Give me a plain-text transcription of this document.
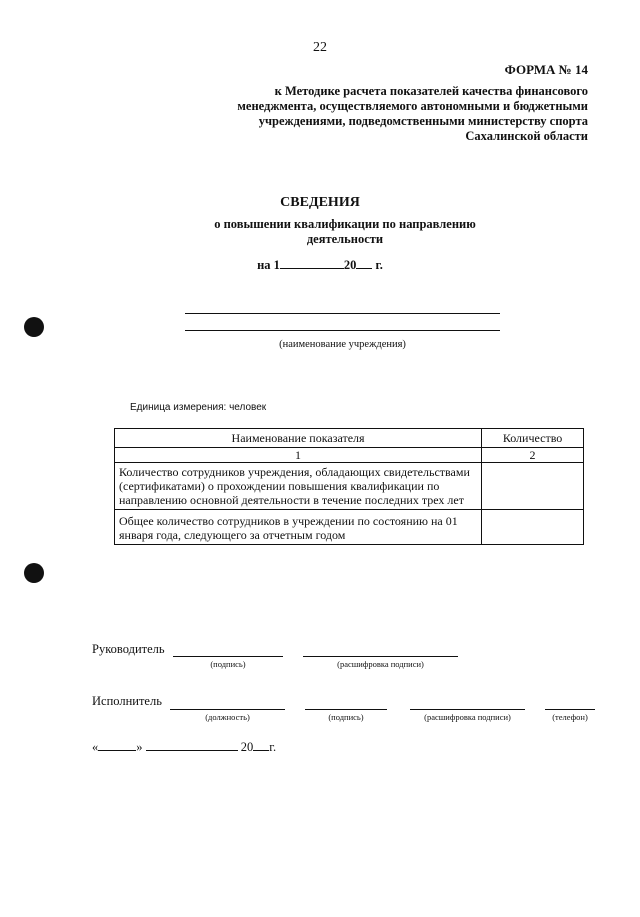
22
ФОРМА № 14
к Методике расчета показателей качества финансового
менеджмента, осуществляемого автономными и бюджетными
учреждениями, подведомственными министерству спорта
Сахалинской области
СВЕДЕНИЯ
о повышении квалификации по направлению
деятельности
на 1	20 г.
(наименование учреждения)
Единица измерения: человек
Наименование показателя	Количество
1	2
Количество сотрудников учреждения, обладающих свидетельствами (сертификатами) о прохождении повышения квалификации по направлению основной деятельности в течение последних трех лет	
Общее количество сотрудников в учреждении по состоянию на 01 января года, следующего за отчетным годом	
Руководитель
(подпись)	(расшифровка подписи)
Исполнитель
(должность)	(подпись)	(расшифровка подписи)	(телефон)
«	»	20 г.
